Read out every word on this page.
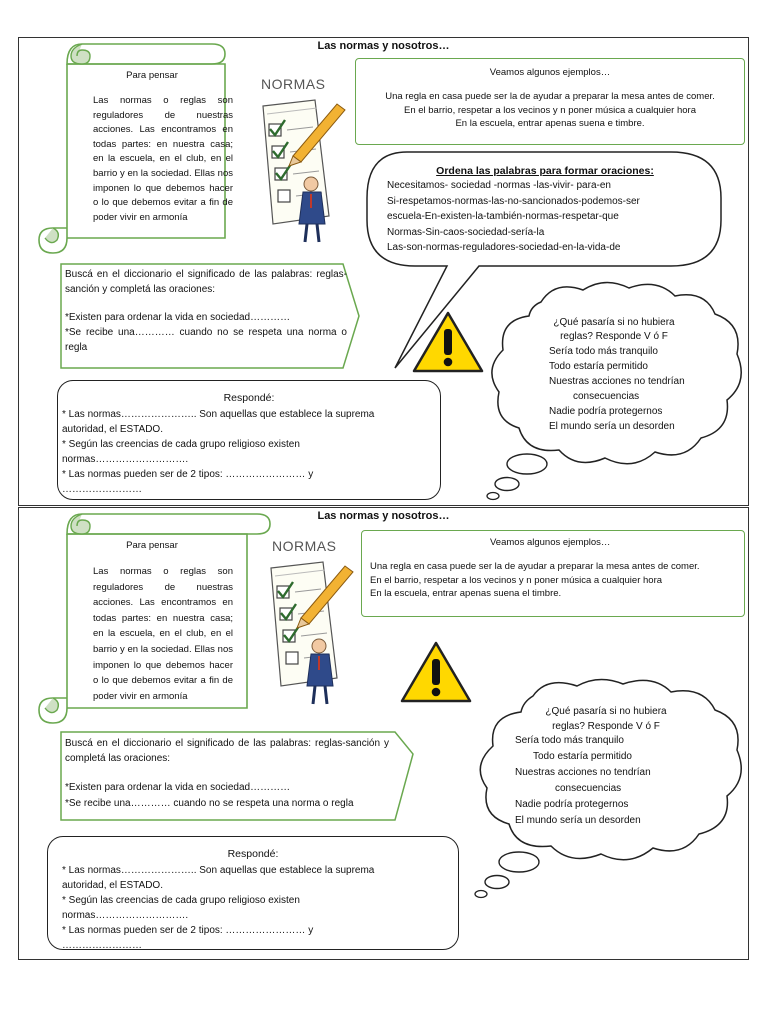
Las normas y nosotros…
Para pensar
Las normas o reglas son reguladores de nuestras acciones. Las encontramos en todas partes: en nuestra casa; en la escuela, en el club, en el barrio y en la sociedad. Ellas nos imponen lo que debemos hacer o lo que debemos evitar a fin de poder vivir en armonía
NORMAS
Veamos algunos ejemplos…
Una regla en casa puede ser la de ayudar a preparar la mesa antes de comer.
En el barrio, respetar a los vecinos y n poner música a cualquier hora
En la escuela, entrar apenas suena e timbre.
Ordena las palabras para formar oraciones:
Necesitamos- sociedad -normas -las-vivir- para-en
Si-respetamos-normas-las-no-sancionados-podemos-ser
escuela-En-existen-la-también-normas-respetar-que
Normas-Sin-caos-sociedad-sería-la
Las-son-normas-reguladores-sociedad-en-la-vida-de
Buscá en el diccionario el significado de las palabras: reglas-sanción y completá las oraciones:
*Existen para ordenar la vida en sociedad…………
*Se recibe una………… cuando no se respeta una norma o regla
¿Qué pasaría si no hubiera reglas? Responde V ó F
Sería todo más tranquilo
Todo estaría permitido
Nuestras acciones no tendrían
consecuencias
Nadie podría protegernos
El mundo sería un desorden
Respondé:
* Las normas………………….. Son aquellas que establece la suprema autoridad, el ESTADO.
* Según las creencias de cada grupo religioso existen normas……………………….
* Las normas pueden ser de 2 tipos: …………………… y ……………………
Las normas y nosotros…
Para pensar
Las normas o reglas son reguladores de nuestras acciones. Las encontramos en todas partes: en nuestra casa; en la escuela, en el club, en el barrio y en la sociedad. Ellas nos imponen lo que debemos hacer o lo que debemos evitar a fin de poder vivir en armonía
NORMAS	Veamos algunos ejemplos…
Una regla en casa puede ser la de ayudar a preparar la mesa antes de comer.
En el barrio, respetar a los vecinos y n poner música a cualquier hora
En la escuela, entrar apenas suena el timbre.
¿Qué pasaría si no hubiera reglas? Responde V ó F
Sería todo más tranquilo
Todo estaría permitido
Nuestras acciones no tendrían
consecuencias
Nadie podría protegernos
El mundo sería un desorden
Buscá en el diccionario el significado de las palabras: reglas-sanción y completá las oraciones:
*Existen para ordenar la vida en sociedad…………
*Se recibe una………… cuando no se respeta una norma o regla
Respondé:
* Las normas………………….. Son aquellas que establece la suprema autoridad, el ESTADO.
* Según las creencias de cada grupo religioso existen normas……………………….
* Las normas pueden ser de 2 tipos: …………………… y ……………………
